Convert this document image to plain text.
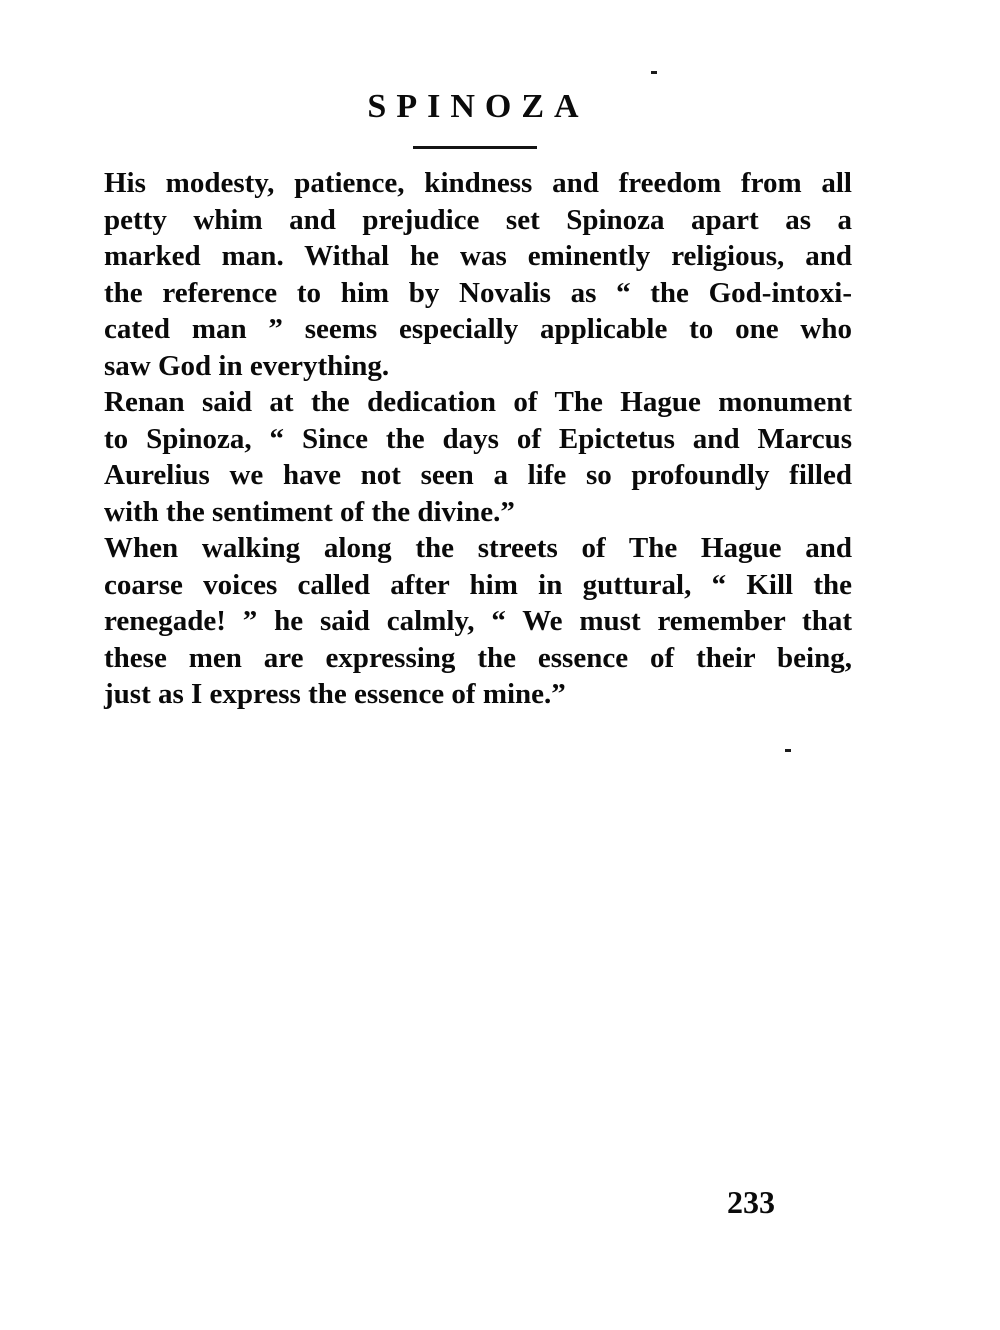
SPINOZA
His modesty, patience, kindness and freedom from all
petty whim and prejudice set Spinoza apart as a
marked man. Withal he was eminently religious, and
the reference to him by Novalis as “ the God-intoxi-
cated man ” seems especially applicable to one who
saw God in everything.
Renan said at the dedication of The Hague monument
to Spinoza, “ Since the days of Epictetus and Marcus
Aurelius we have not seen a life so profoundly filled
with the sentiment of the divine.”
When walking along the streets of The Hague and
coarse voices called after him in guttural, “ Kill the
renegade! ” he said calmly, “ We must remember that
these men are expressing the essence of their being,
just as I express the essence of mine.”
233
